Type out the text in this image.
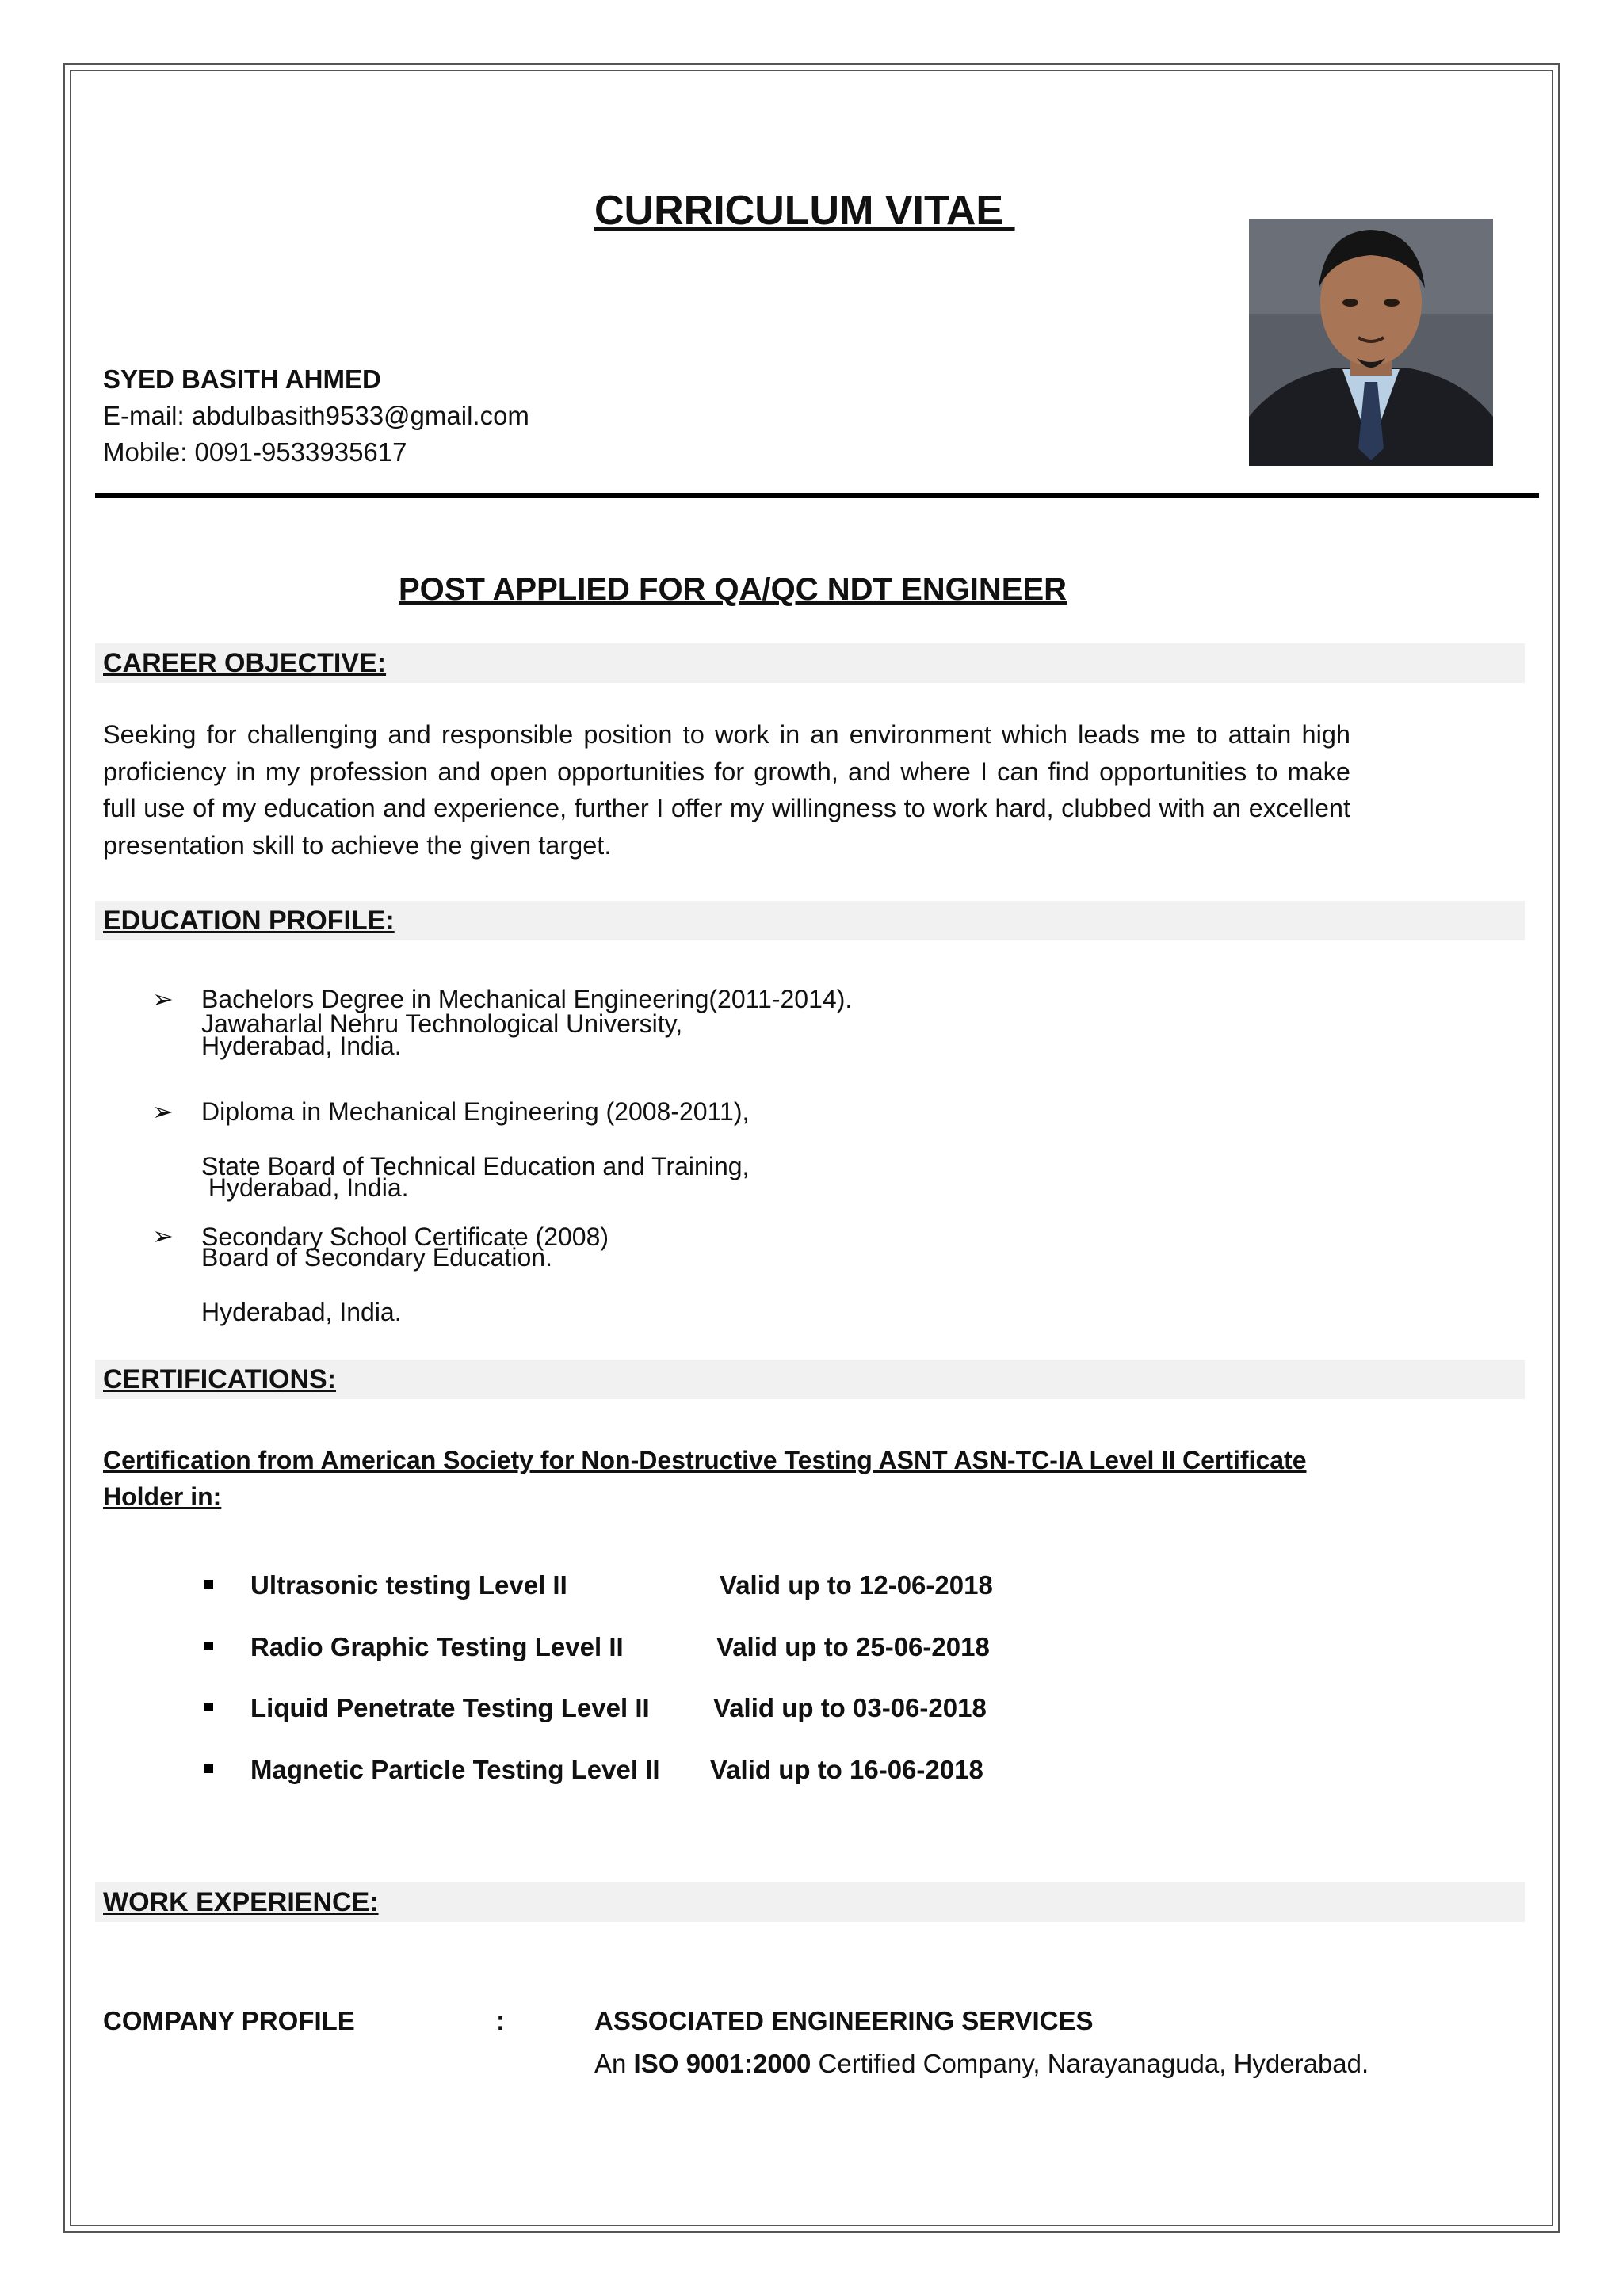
CURRICULUM VITAE
SYED BASITH AHMED
E-mail: abdulbasith9533@gmail.com
Mobile: 0091-9533935617
POST APPLIED FOR QA/QC NDT ENGINEER
CAREER OBJECTIVE:
Seeking for challenging and responsible position to work in an environment which leads me to attain high proficiency in my profession and open opportunities for growth, and where I can find opportunities to make full use of my education and experience, further I offer my willingness to work hard, clubbed with an excellent presentation skill to achieve the given target.
EDUCATION PROFILE:
➢ Bachelors Degree in Mechanical Engineering(2011-2014).
Jawaharlal Nehru Technological University,
Hyderabad, India.
➢ Diploma in Mechanical Engineering (2008-2011),
State Board of Technical Education and Training,
Hyderabad, India.
➢ Secondary School Certificate (2008)
Board of Secondary Education.
Hyderabad, India.
CERTIFICATIONS:
Certification from American Society for Non-Destructive Testing ASNT ASN-TC-IA Level II Certificate Holder in:
Ultrasonic testing Level II	Valid up to 12-06-2018
Radio Graphic Testing Level II	Valid up to 25-06-2018
Liquid Penetrate Testing Level II Valid up to 03-06-2018
Magnetic Particle Testing Level II Valid up to 16-06-2018
WORK EXPERIENCE:
COMPANY PROFILE	:	ASSOCIATED ENGINEERING SERVICES
An ISO 9001:2000 Certified Company, Narayanaguda, Hyderabad.
